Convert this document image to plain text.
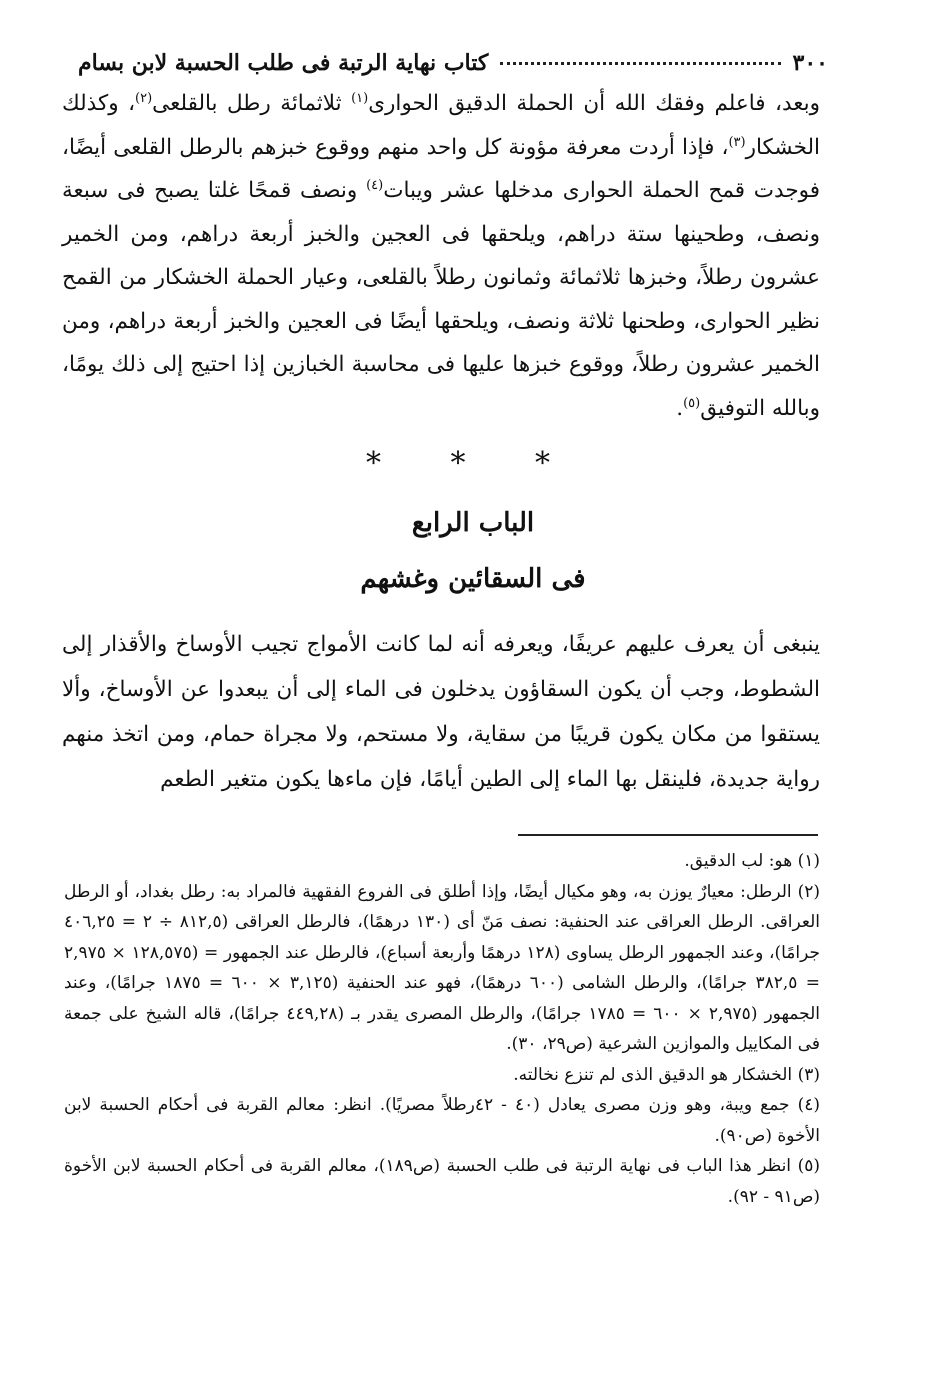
٣٠٠
كتاب نهاية الرتبة فى طلب الحسبة لابن بسام

وبعد، فاعلم وفقك الله أن الحملة الدقيق الحوارى$^{(١)}$ ثلاثمائة رطل بالقلعى$^{(٢)}$، وكذلك الخشكار$^{(٣)}$، فإذا أردت معرفة مؤونة كل واحد منهم ووقوع خبزهم بالرطل القلعى أيضًا، فوجدت قمح الحملة الحوارى مدخلها عشر ويبات$^{(٤)}$ ونصف قمحًا غلتا يصبح فى سبعة ونصف، وطحينها ستة دراهم، ويلحقها فى العجين والخبز أربعة دراهم، ومن الخمير عشرون رطلاً، وخبزها ثلاثمائة وثمانون رطلاً بالقلعى، وعيار الحملة الخشكار من القمح نظير الحوارى، وطحنها ثلاثة ونصف، ويلحقها أيضًا فى العجين والخبز أربعة دراهم، ومن الخمير عشرون رطلاً، ووقوع خبزها عليها فى محاسبة الخبازين إذا احتيج إلى ذلك يومًا، وبالله التوفيق$^{(٥)}$.

* * *
الباب الرابع
فى السقائين وغشهم

ينبغى أن يعرف عليهم عريفًا، ويعرفه أنه لما كانت الأمواج تجيب الأوساخ والأقذار إلى الشطوط، وجب أن يكون السقاؤون يدخلون فى الماء إلى أن يبعدوا عن الأوساخ، وألا يستقوا من مكان يكون قريبًا من سقاية، ولا مستحم، ولا مجراة حمام، ومن اتخذ منهم رواية جديدة، فلينقل بها الماء إلى الطين أيامًا، فإن ماءها يكون متغير الطعم

(١) هو: لب الدقيق.

(٢) الرطل: معيارٌ يوزن به، وهو مكيال أيضًا، وإذا أطلق فى الفروع الفقهية فالمراد به: رطل بغداد، أو الرطل العراقى. الرطل العراقى عند الحنفية: نصف مَنّ أى (١٣٠ درهمًا)، فالرطل العراقى (٨١٢,٥ ÷ ٢ = ٤٠٦,٢٥ جرامًا)، وعند الجمهور الرطل يساوى (١٢٨ درهمًا وأربعة أسباع)، فالرطل عند الجمهور = (١٢٨,٥٧٥ × ٢,٩٧٥ = ٣٨٢,٥ جرامًا)، والرطل الشامى (٦٠٠ درهمًا)، فهو عند الحنفية (٣,١٢٥ × ٦٠٠ = ١٨٧٥ جرامًا)، وعند الجمهور (٢,٩٧٥ × ٦٠٠ = ١٧٨٥ جرامًا)، والرطل المصرى يقدر بـ (٤٤٩,٢٨ جرامًا)، قاله الشيخ على جمعة فى المكاييل والموازين الشرعية (ص٢٩، ٣٠).

(٣) الخشكار هو الدقيق الذى لم تنزع نخالته.

(٤) جمع ويبة، وهو وزن مصرى يعادل (٤٠ - ٤٢رطلاً مصريًا). انظر: معالم القربة فى أحكام الحسبة لابن الأخوة (ص٩٠).

(٥) انظر هذا الباب فى نهاية الرتبة فى طلب الحسبة (ص١٨٩)، معالم القربة فى أحكام الحسبة لابن الأخوة (ص٩١ - ٩٢).
